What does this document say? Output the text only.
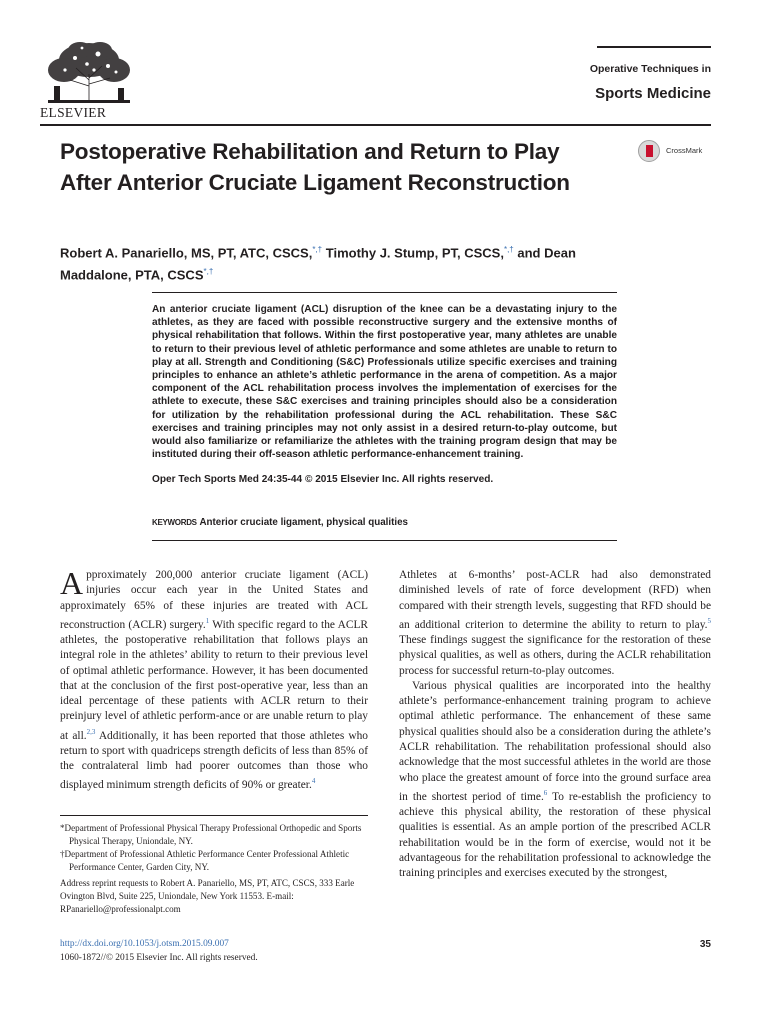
ELSEVIER
Operative Techniques in
Sports Medicine
CrossMark
Postoperative Rehabilitation and Return to Play After Anterior Cruciate Ligament Reconstruction
Robert A. Panariello, MS, PT, ATC, CSCS,*,† Timothy J. Stump, PT, CSCS,*,† and Dean Maddalone, PTA, CSCS*,†
An anterior cruciate ligament (ACL) disruption of the knee can be a devastating injury to the athletes, as they are faced with possible reconstructive surgery and the extensive months of physical rehabilitation that follows. Within the first postoperative year, many athletes are unable to return to their previous level of athletic performance and some athletes are unable to return to play at all. Strength and Conditioning (S&C) Professionals utilize specific exercises and training principles to enhance an athlete’s athletic performance in the arena of competition. As a major component of the ACL rehabilitation process involves the implementation of exercises for the athlete to execute, these S&C exercises and training principles should also be a consideration for utilization by the rehabilitation professional during the ACL rehabilitation. These S&C exercises and training principles may not only assist in a desired return-to-play outcome, but would also familiarize or refamiliarize the athletes with the training program design that may be instituted during their off-season athletic performance-enhancement training.
Oper Tech Sports Med 24:35-44 © 2015 Elsevier Inc. All rights reserved.
KEYWORDS Anterior cruciate ligament, physical qualities

Approximately 200,000 anterior cruciate ligament (ACL) injuries occur each year in the United States and approximately 65% of these injuries are treated with ACL reconstruction (ACLR) surgery.$^1$ With specific regard to the ACLR athletes, the postoperative rehabilitation that follows plays an integral role in the athletes’ ability to return to their previous level of optimal athletic performance. However, it has been documented that at the conclusion of the first post-operative year, less than an ideal percentage of these patients with ACLR return to their preinjury level of athletic perform-ance or are unable return to play at all.$^{2,3}$ Additionally, it has been reported that those athletes who return to sport with quadriceps strength deficits of less than 85% of the contralateral limb had poorer outcomes than those who displayed minimum strength deficits of 90% or greater.$^4$

*Department of Professional Physical Therapy Professional Orthopedic and Sports Physical Therapy, Uniondale, NY.

†Department of Professional Athletic Performance Center Professional Athletic Performance Center, Garden City, NY.

Address reprint requests to Robert A. Panariello, MS, PT, ATC, CSCS, 333 Earle Ovington Blvd, Suite 225, Uniondale, New York 11553. E-mail: RPanariello@professionalpt.com

Athletes at 6-months’ post-ACLR had also demonstrated diminished levels of rate of force development (RFD) when compared with their strength levels, suggesting that RFD should be an additional criterion to determine the ability to return to play.$^5$ These findings suggest the significance for the restoration of these physical qualities, as well as others, during the ACLR rehabilitation process for successful return-to-play outcomes.

Various physical qualities are incorporated into the healthy athlete’s performance-enhancement training program to achieve optimal athletic performance. The enhancement of these same physical qualities should also be a consideration during the athlete’s ACLR rehabilitation. The rehabilitation professional should also acknowledge that the most successful athletes in the world are those who place the greatest amount of force into the ground surface area in the shortest period of time.$^6$ To re-establish the proficiency to achieve this physical ability, the restoration of these physical qualities is essential. As an ample portion of the prescribed ACLR rehabilitation would be in the form of exercise, would not it be advantageous for the rehabilitation professional to acknowledge the training principles and exercises executed by the strongest,

http://dx.doi.org/10.1053/j.otsm.2015.09.007
1060-1872//© 2015 Elsevier Inc. All rights reserved.
35
